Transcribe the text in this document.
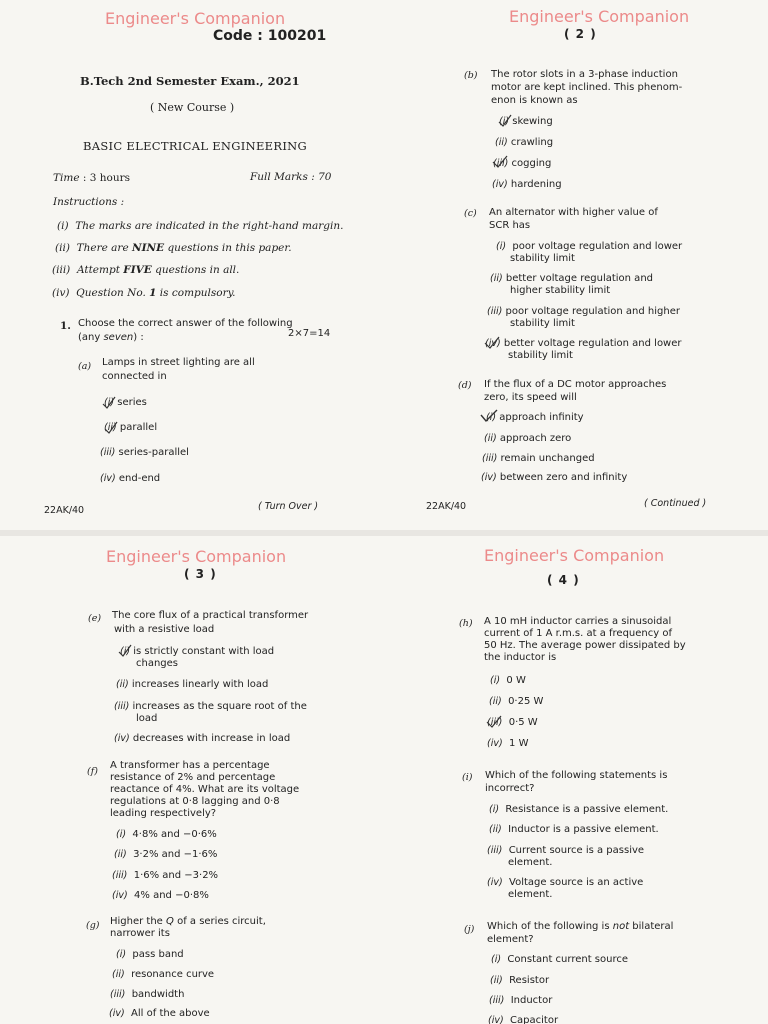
Engineer's Companion
Code : 100201
B.Tech 2nd Semester Exam., 2021
( New Course )
BASIC ELECTRICAL ENGINEERING
Time : 3 hours	Full Marks : 70
Instructions :
(i) The marks are indicated in the right-hand margin.
(ii) There are NINE questions in this paper.
(iii) Attempt FIVE questions in all.
(iv) Question No. 1 is compulsory.
1. Choose the correct answer of the following
(any seven) :	2×7=14
(a) Lamps in street lighting are all
connected in
(i) series
(ii) parallel
(iii) series-parallel
(iv) end-end
22AK/40	( Turn Over )
Engineer's Companion
( 2 )
(b) The rotor slots in a 3-phase induction
motor are kept inclined. This phenom-
enon is known as
(i) skewing
(ii) crawling
(iii) cogging
(iv) hardening
(c) An alternator with higher value of
SCR has
(i) poor voltage regulation and lower
stability limit
(ii) better voltage regulation and
higher stability limit
(iii) poor voltage regulation and higher
stability limit
(iv) better voltage regulation and lower
stability limit
(d) If the flux of a DC motor approaches
zero, its speed will
(i) approach infinity
(ii) approach zero
(iii) remain unchanged
(iv) between zero and infinity
22AK/40	( Continued )
Engineer's Companion
( 3 )
(e) The core flux of a practical transformer
with a resistive load
(i) is strictly constant with load
changes
(ii) increases linearly with load
(iii) increases as the square root of the
load
(iv) decreases with increase in load
(f)
A transformer has a percentage
resistance of 2% and percentage
reactance of 4%. What are its voltage
regulations at 0·8 lagging and 0·8
leading respectively?
(i) 4·8% and −0·6%
(ii) 3·2% and −1·6%
(iii) 1·6% and −3·2%
(iv) 4% and −0·8%
(g) Higher the Q of a series circuit,
narrower its
(i) pass band
(ii) resonance curve
(iii) bandwidth
(iv) All of the above
Engineer's Companion
( 4 )
(h) A 10 mH inductor carries a sinusoidal
current of 1 A r.m.s. at a frequency of
50 Hz. The average power dissipated by
the inductor is
(i) 0 W
(ii) 0·25 W
(iii) 0·5 W
(iv) 1 W
(i) Which of the following statements is
incorrect?
(i) Resistance is a passive element.
(ii) Inductor is a passive element.
(iii) Current source is a passive
element.
(iv) Voltage source is an active
element.
(j) Which of the following is not bilateral
element?
(i) Constant current source
(ii) Resistor
(iii) Inductor
(iv) Capacitor
